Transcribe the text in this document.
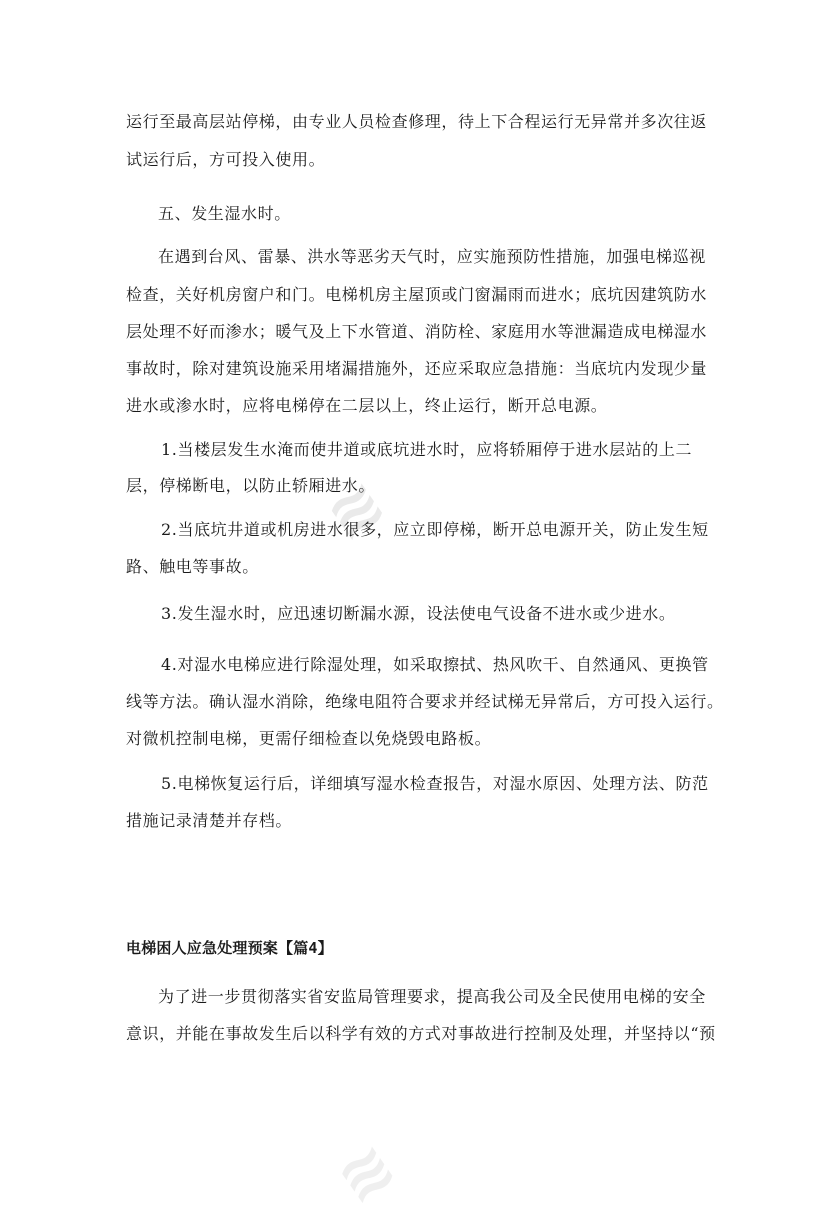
≋
≋
运行至最高层站停梯，由专业人员检查修理，待上下合程运行无异常并多次往返
试运行后，方可投入使用。
五、发生湿水时。
在遇到台风、雷暴、洪水等恶劣天气时，应实施预防性措施，加强电梯巡视
检查，关好机房窗户和门。电梯机房主屋顶或门窗漏雨而进水；底坑因建筑防水
层处理不好而渗水；暖气及上下水管道、消防栓、家庭用水等泄漏造成电梯湿水
事故时，除对建筑设施采用堵漏措施外，还应采取应急措施：当底坑内发现少量
进水或渗水时，应将电梯停在二层以上，终止运行，断开总电源。
1.当楼层发生水淹而使井道或底坑进水时，应将轿厢停于进水层站的上二
层，停梯断电，以防止轿厢进水。
2.当底坑井道或机房进水很多，应立即停梯，断开总电源开关，防止发生短
路、触电等事故。
3.发生湿水时，应迅速切断漏水源，设法使电气设备不进水或少进水。
4.对湿水电梯应进行除湿处理，如采取擦拭、热风吹干、自然通风、更换管
线等方法。确认湿水消除，绝缘电阻符合要求并经试梯无异常后，方可投入运行。
对微机控制电梯，更需仔细检查以免烧毁电路板。
5.电梯恢复运行后，详细填写湿水检查报告，对湿水原因、处理方法、防范
措施记录清楚并存档。
电梯困人应急处理预案【篇4】
为了进一步贯彻落实省安监局管理要求，提高我公司及全民使用电梯的安全
意识，并能在事故发生后以科学有效的方式对事故进行控制及处理，并坚持以“预
